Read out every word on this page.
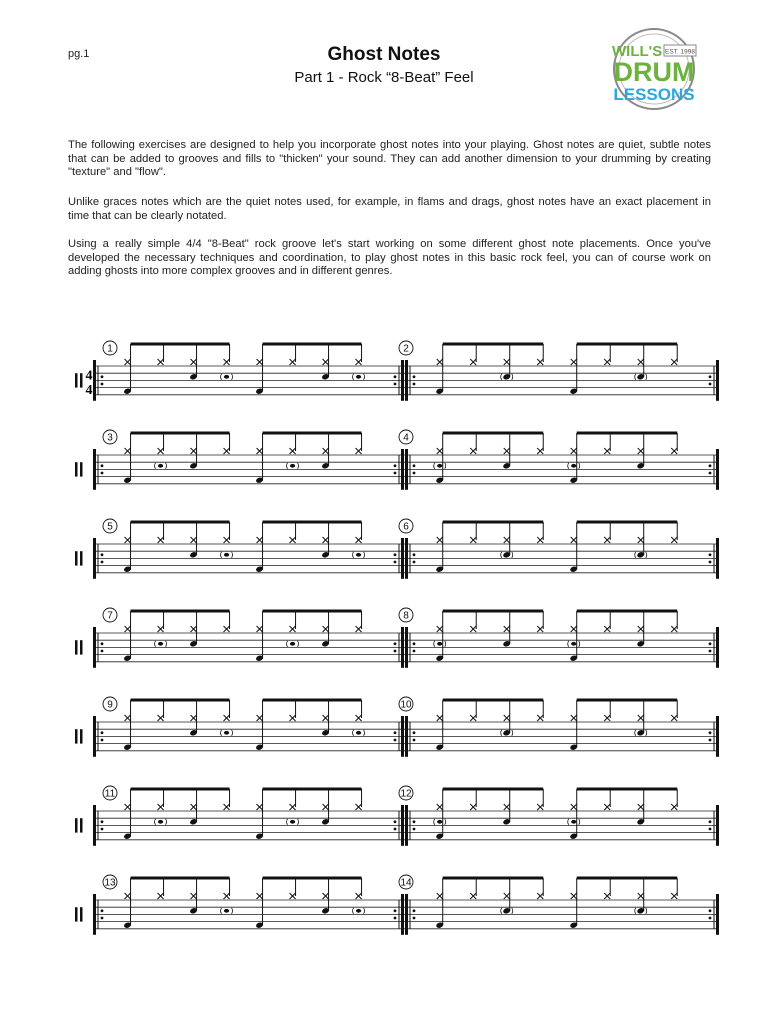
pg.1	Ghost Notes
Part 1 - Rock “8-Beat” Feel
WILL'S EST. 1998
DRUM
LESSONS
The following exercises are designed to help you incorporate ghost notes into your playing. Ghost notes are quiet, subtle notes that can be added to grooves and fills to "thicken" your sound. They can add another dimension to your drumming by creating "texture" and "flow".
Unlike graces notes which are the quiet notes used, for example, in flams and drags, ghost notes have an exact placement in time that can be clearly notated.
Using a really simple 4/4 "8-Beat" rock groove let's start working on some different ghost note placements. Once you've developed the necessary techniques and coordination, to play ghost notes in this basic rock feel, you can of course work on adding ghosts into more complex grooves and in different genres.
4
4
1	2
3	4
5	6
7	8
9	10
11	12
13	14
